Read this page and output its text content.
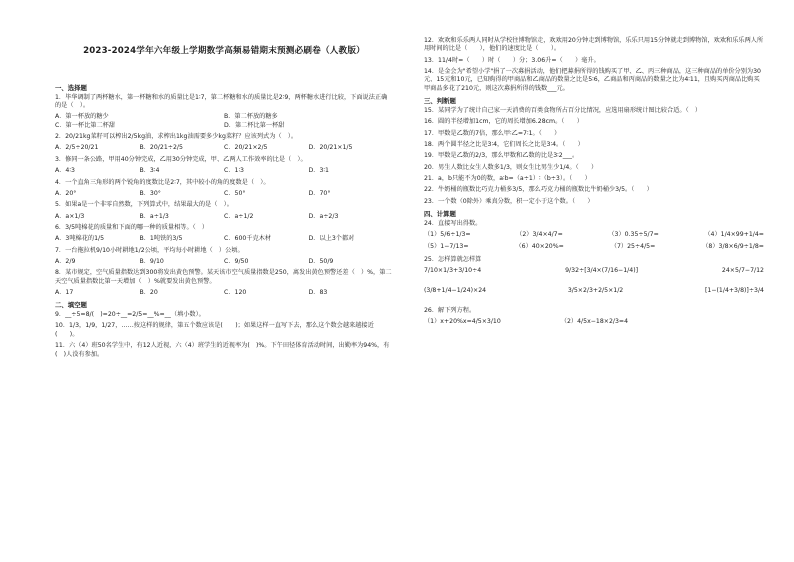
2023-2024学年六年级上学期数学高频易错期末预测必刷卷（人教版）
一、选择题
1．毕华调制了两杯糖水，第一杯糖和水的质量比是1∶7，第二杯糖和水的质量比是2∶9，两杯糖水进行比较，下面说法正确的是（　）。
A．第一杯放的糖少	B．第二杯放的糖多
C．第一杯比第二杯甜	D．第二杯比第一杯甜
2．20/21kg菜籽可以榨出2/5kg油，求榨出1kg油需要多少kg菜籽？应该列式为（　）。
A．2/5÷20/21	B．20/21÷2/5	C．20/21×2/5	D．20/21×1/5
3．修同一条公路，甲用40分钟完成，乙用30分钟完成，甲、乙两人工作效率的比是（　）。
A．4∶3	B．3∶4	C．1∶3	D．3∶1
4．一个直角三角形的两个锐角的度数比是2∶7，其中较小的角的度数是（　）。
A．20°	B．30°	C．50°	D．70°
5．如果a是一个非零自然数，下列算式中，结果最大的是（　）。
A．a×1/3	B．a÷1/3	C．a÷1/2	D．a÷2/3
6．3/5吨棉花的质量和下面的哪一种的质量相等。（　）
A．3吨棉花的1/5	B．1吨铁的3/5	C．600千克木材	D．以上3个都对
7．一台拖拉机9/10小时耕地1/2公顷，平均每小时耕地（　）公顷。
A．2/9	B．9/10	C．9/50	D．50/9
8．某市规定，空气质量指数达到300将发出黄色预警。某天该市空气质量指数是250，离发出黄色预警还差（　）%，第二天空气质量指数比第一天增加（　）%就要发出黄色预警。
A．17	B．20	C．120	D．83
二、填空题
9．__÷5=8/(　)=20÷__=2/5=__%=__（填小数）。
10．1/3，1/9，1/27，……按这样的规律，第五个数应该是(　　)；如果这样一直写下去，那么这个数会越来越接近(　　)。
11．六（4）班50名学生中，有12人近视，六（4）班学生的近视率为(　)%。下午田径体育活动时间，出勤率为94%，有(　)人没有参加。
12．欢欢和乐乐两人同时从学校往博物馆走，欢欢用20分钟走到博物馆，乐乐只用15分钟就走到博物馆，欢欢和乐乐两人所用时间的比是（　　），他们的速度比是（　　）。
13．11/4时=（　　）时（　　）分；3.06升=（　　）毫升。
14．是金会为"希望小学"捐了一次募捐活动，他们把募捐所得的钱购买了甲、乙、丙三种商品，这三种商品的单价分别为30元、15元和10元，已知购得的甲商品和乙商品的数量之比是5∶6，乙商品和丙商品的数量之比为4∶11，且购买丙商品比购买甲商品多花了210元，则这次募捐所得的钱数___元。
三、判断题
15．某同学为了统计自己家一天消费的百类食物所占百分比情况，应选用扇形统计图比较合适。（　）
16．圆的半径增加1cm，它的周长增加6.28cm。（　　）
17．甲数是乙数的7倍，那么甲∶乙=7∶1。（　　）
18．两个圆半径之比是3∶4，它们周长之比是3∶4。（　　）
19．甲数是乙数的2/3，那么甲数和乙数的比是3∶2___。
20．男生人数比女生人数多1/3，则女生比男生少1/4。（　　）
21．a，b只能不为0的数，a∶b=（a÷1）∶（b÷3）。（　　）
22．牛奶桶的瓶数比巧克力桶多3/5，那么巧克力桶的瓶数比牛奶桶少3/5。（　　）
23．一个数（0除外）乘真分数，积一定小于这个数。（　　）
四、计算题
24．直接写出得数。
（1）5/6÷1/3=	（2）3/4×4/7=	（3）0.35÷5/7=	（4）1/4×99+1/4=
（5）1−7/13=	（6）40×20%=	（7）25÷4/5=	（8）3/8×6/9÷1/8=
25．怎样算就怎样算
7/10×1/3+3/10÷4	9/32÷[3/4×(7/16−1/4)]	24×5/7−7/12
(3/8+1/4−1/24)×24	3/5×2/3+2/5×1/2	[1−(1/4+3/8)]÷3/4
26．解下列方程。
（1）x+20%x=4/5×3/10	（2）4/5x−18×2/3=4
